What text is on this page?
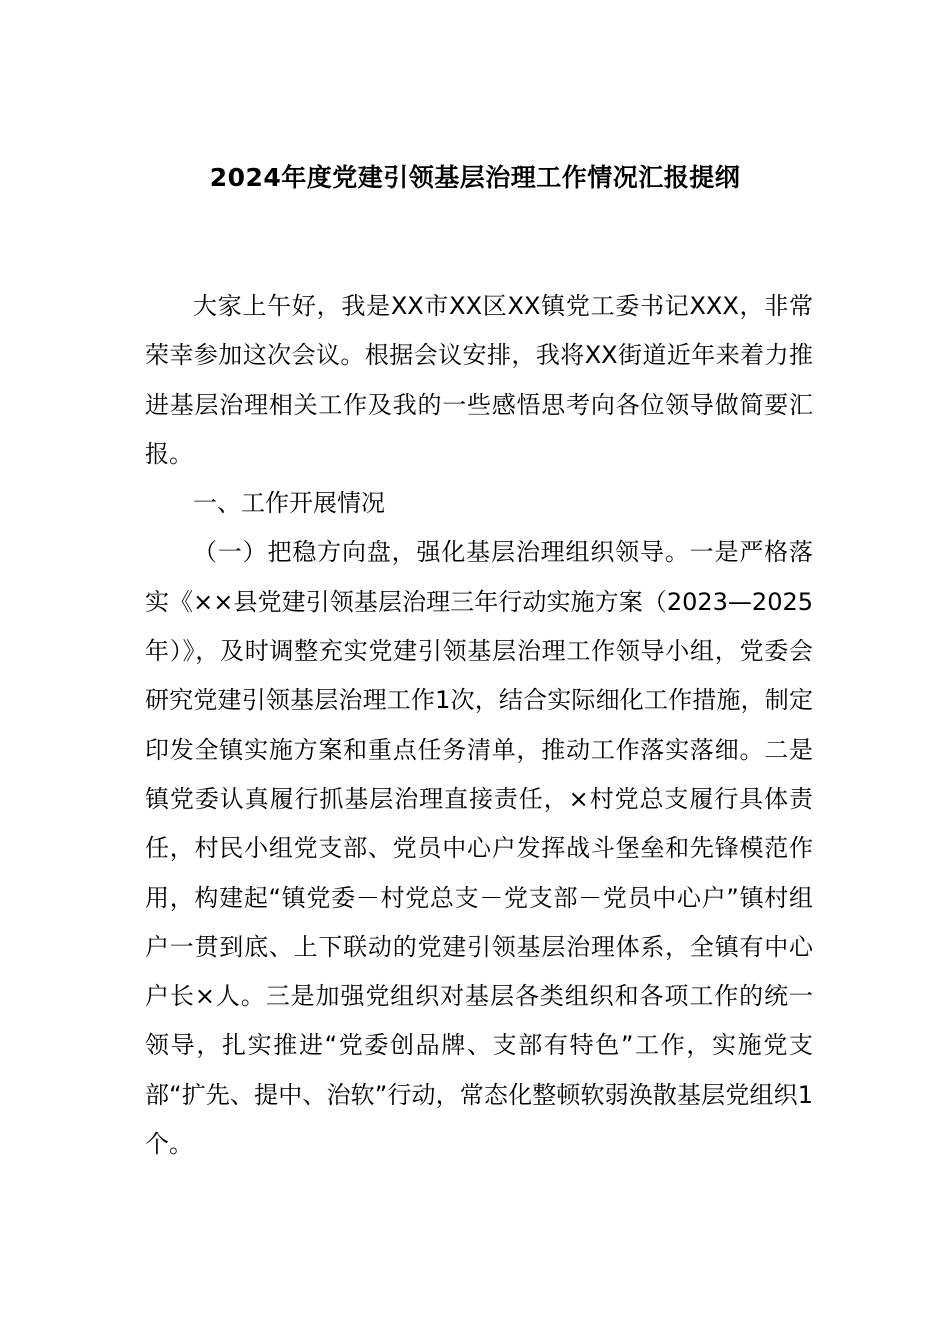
2024年度党建引领基层治理工作情况汇报提纲

大家上午好，我是XX市XX区XX镇党工委书记XXX，非常荣幸参加这次会议。根据会议安排，我将XX街道近年来着力推进基层治理相关工作及我的一些感悟思考向各位领导做简要汇报。

一、工作开展情况

（一）把稳方向盘，强化基层治理组织领导。一是严格落实《××县党建引领基层治理三年行动实施方案（2023—2025年）》，及时调整充实党建引领基层治理工作领导小组，党委会研究党建引领基层治理工作1次，结合实际细化工作措施，制定印发全镇实施方案和重点任务清单，推动工作落实落细。二是镇党委认真履行抓基层治理直接责任，×村党总支履行具体责任，村民小组党支部、党员中心户发挥战斗堡垒和先锋模范作用，构建起“镇党委－村党总支－党支部－党员中心户”镇村组户一贯到底、上下联动的党建引领基层治理体系，全镇有中心户长×人。三是加强党组织对基层各类组织和各项工作的统一领导，扎实推进“党委创品牌、支部有特色”工作，实施党支部“扩先、提中、治软”行动，常态化整顿软弱涣散基层党组织1个。
